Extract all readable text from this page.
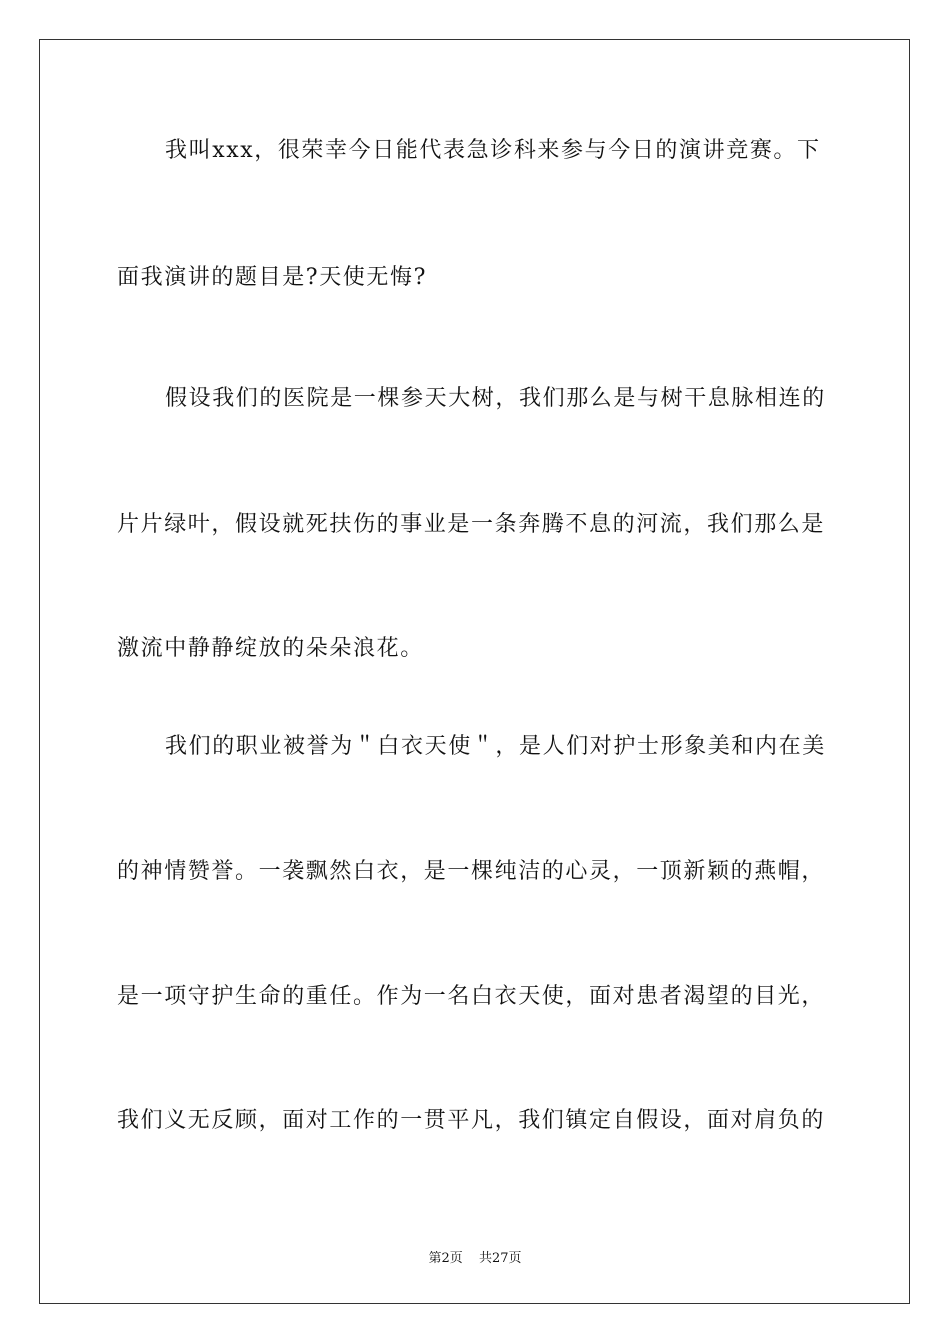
我叫xxx，很荣幸今日能代表急诊科来参与今日的演讲竞赛。下
面我演讲的题目是?天使无悔?
假设我们的医院是一棵参天大树，我们那么是与树干息脉相连的
片片绿叶，假设就死扶伤的事业是一条奔腾不息的河流，我们那么是
激流中静静绽放的朵朵浪花。
我们的职业被誉为＂白衣天使＂，是人们对护士形象美和内在美
的神情赞誉。一袭飘然白衣，是一棵纯洁的心灵，一顶新颖的燕帽，
是一项守护生命的重任。作为一名白衣天使，面对患者渴望的目光，
我们义无反顾，面对工作的一贯平凡，我们镇定自假设，面对肩负的
第2页 共27页
